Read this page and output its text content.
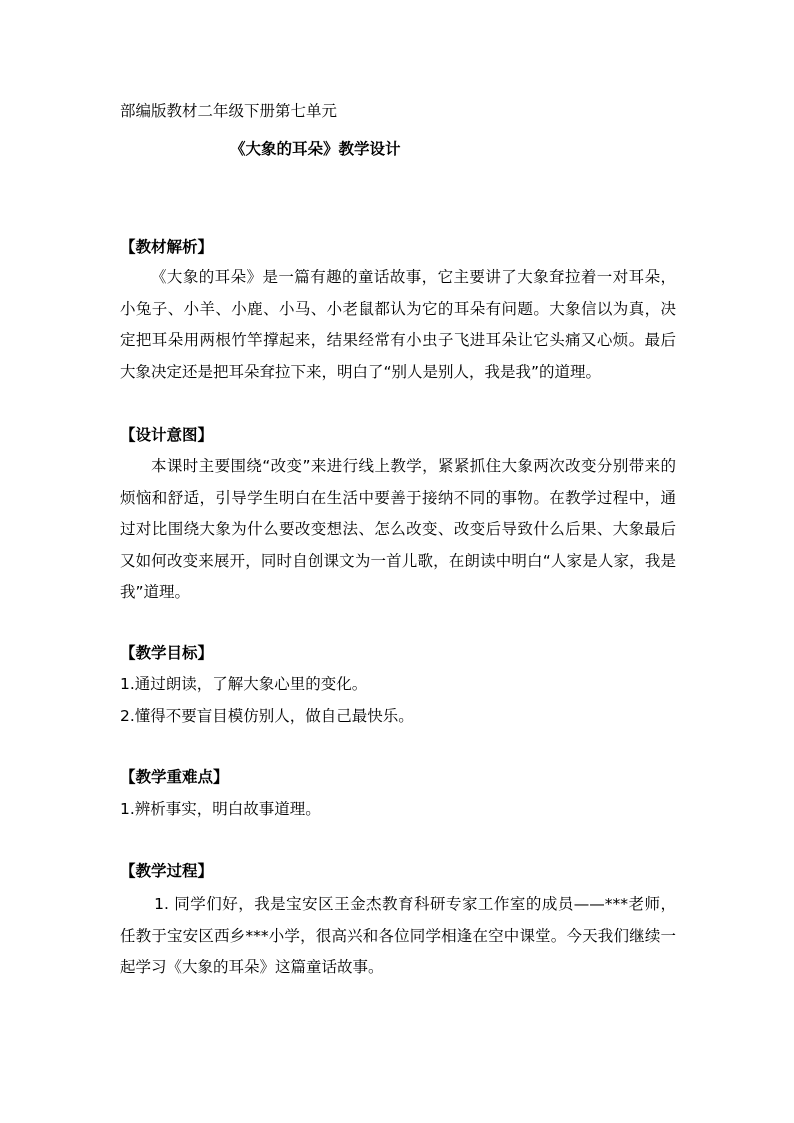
部编版教材二年级下册第七单元
《大象的耳朵》教学设计
【教材解析】
《大象的耳朵》是一篇有趣的童话故事，它主要讲了大象耷拉着一对耳朵，小兔子、小羊、小鹿、小马、小老鼠都认为它的耳朵有问题。大象信以为真，决定把耳朵用两根竹竿撑起来，结果经常有小虫子飞进耳朵让它头痛又心烦。最后大象决定还是把耳朵耷拉下来，明白了“别人是别人，我是我”的道理。
【设计意图】
本课时主要围绕“改变”来进行线上教学，紧紧抓住大象两次改变分别带来的烦恼和舒适，引导学生明白在生活中要善于接纳不同的事物。在教学过程中，通过对比围绕大象为什么要改变想法、怎么改变、改变后导致什么后果、大象最后又如何改变来展开，同时自创课文为一首儿歌，在朗读中明白“人家是人家，我是我”道理。
【教学目标】
1.通过朗读，了解大象心里的变化。
2.懂得不要盲目模仿别人，做自己最快乐。
【教学重难点】
1.辨析事实，明白故事道理。
【教学过程】
1. 同学们好，我是宝安区王金杰教育科研专家工作室的成员——***老师，任教于宝安区西乡***小学，很高兴和各位同学相逢在空中课堂。今天我们继续一起学习《大象的耳朵》这篇童话故事。
